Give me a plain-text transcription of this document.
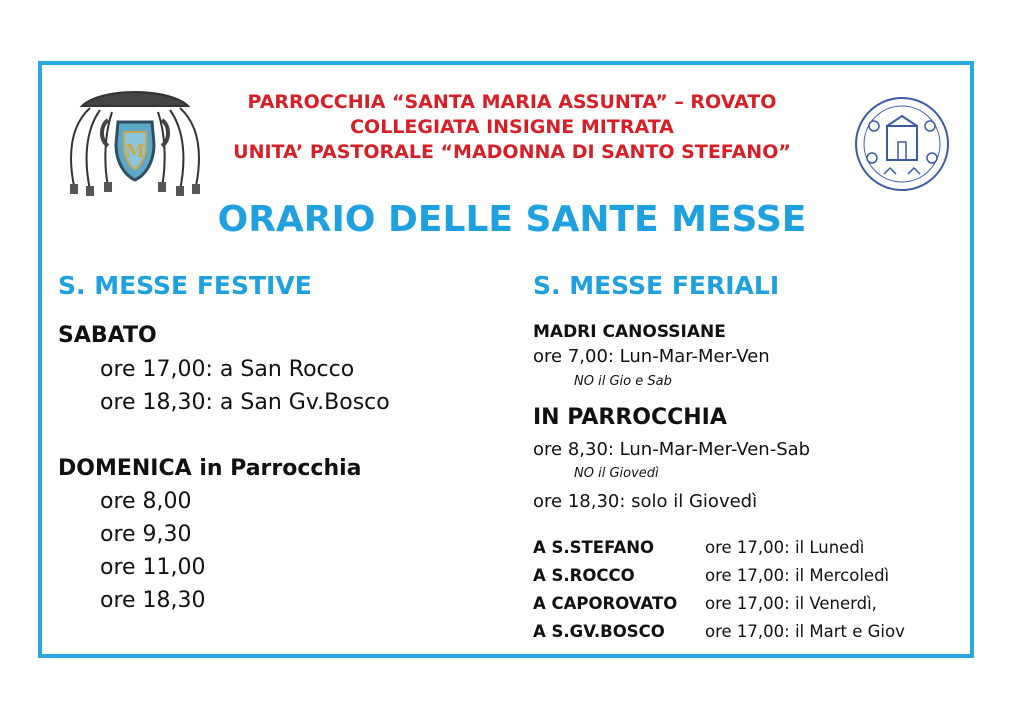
M
PARROCCHIA “SANTA MARIA ASSUNTA” – ROVATO
COLLEGIATA INSIGNE MITRATA
UNITA’ PASTORALE “MADONNA DI SANTO STEFANO”
ORARIO DELLE SANTE MESSE
S. MESSE FESTIVE
SABATO
ore 17,00: a San Rocco
ore 18,30: a San Gv.Bosco
DOMENICA in Parrocchia
ore 8,00
ore 9,30
ore 11,00
ore 18,30
S. MESSE FERIALI
MADRI CANOSSIANE
ore 7,00: Lun-Mar-Mer-Ven
NO il Gio e Sab
IN PARROCCHIA
ore 8,30: Lun-Mar-Mer-Ven-Sab
NO il Giovedì
ore 18,30: solo il Giovedì
A S.STEFANO	ore 17,00: il Lunedì
A S.ROCCO	ore 17,00: il Mercoledì
A CAPOROVATO	ore 17,00: il Venerdì,
A S.GV.BOSCO	ore 17,00: il Mart e Giov
